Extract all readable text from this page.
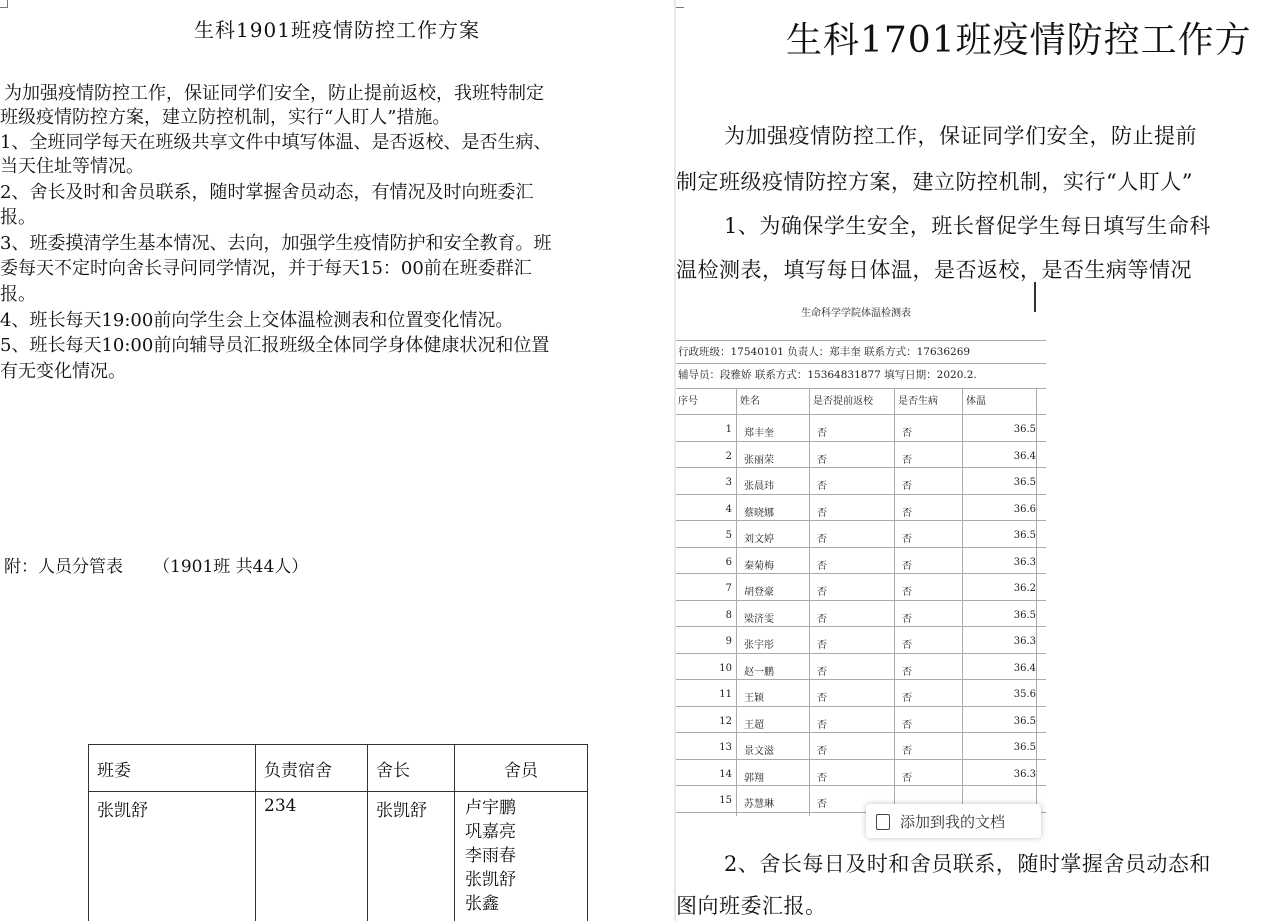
生科1901班疫情防控工作方案
为加强疫情防控工作，保证同学们安全，防止提前返校，我班特制定
班级疫情防控方案，建立防控机制，实行“人盯人”措施。
1、全班同学每天在班级共享文件中填写体温、是否返校、是否生病、
当天住址等情况。
2、舍长及时和舍员联系，随时掌握舍员动态，有情况及时向班委汇
报。
3、班委摸清学生基本情况、去向，加强学生疫情防护和安全教育。班
委每天不定时向舍长寻问同学情况，并于每天15：00前在班委群汇
报。
4、班长每天19:00前向学生会上交体温检测表和位置变化情况。
5、班长每天10:00前向辅导员汇报班级全体同学身体健康状况和位置
有无变化情况。
附：人员分管表 （1901班 共44人）
班委	负责宿舍	舍长	舍员
张凯舒	234	张凯舒	卢宇鹏
巩嘉亮
李雨春
张凯舒
张鑫
生科1701班疫情防控工作方
为加强疫情防控工作，保证同学们安全，防止提前
制定班级疫情防控方案，建立防控机制，实行“人盯人”
1、为确保学生安全，班长督促学生每日填写生命科
温检测表，填写每日体温，是否返校，是否生病等情况
生命科学学院体温检测表
行政班级：17540101 负责人：郑丰奎 联系方式：17636269
辅导员：段雅娇 联系方式：15364831877 填写日期：2020.2.
序号	姓名	是否提前返校	是否生病	体温
1 郑丰奎	否	否	36.5
2 张丽荣	否	否	36.4
3 张晨玮	否	否	36.5
4 蔡晓娜	否	否	36.6
5 刘文婷	否	否	36.5
6 秦菊梅	否	否	36.3
7 胡登豪	否	否	36.2
8 梁济雯	否	否	36.5
9 张宇彤	否	否	36.3
10 赵一鹏	否	否	36.4
11 王颖	否	否	35.6
12 王超	否	否	36.5
13 景文滋	否	否	36.5
14 郭翔	否	否	36.3
15 苏慧琳	否
添加到我的文档
2、舍长每日及时和舍员联系，随时掌握舍员动态和
图向班委汇报。
